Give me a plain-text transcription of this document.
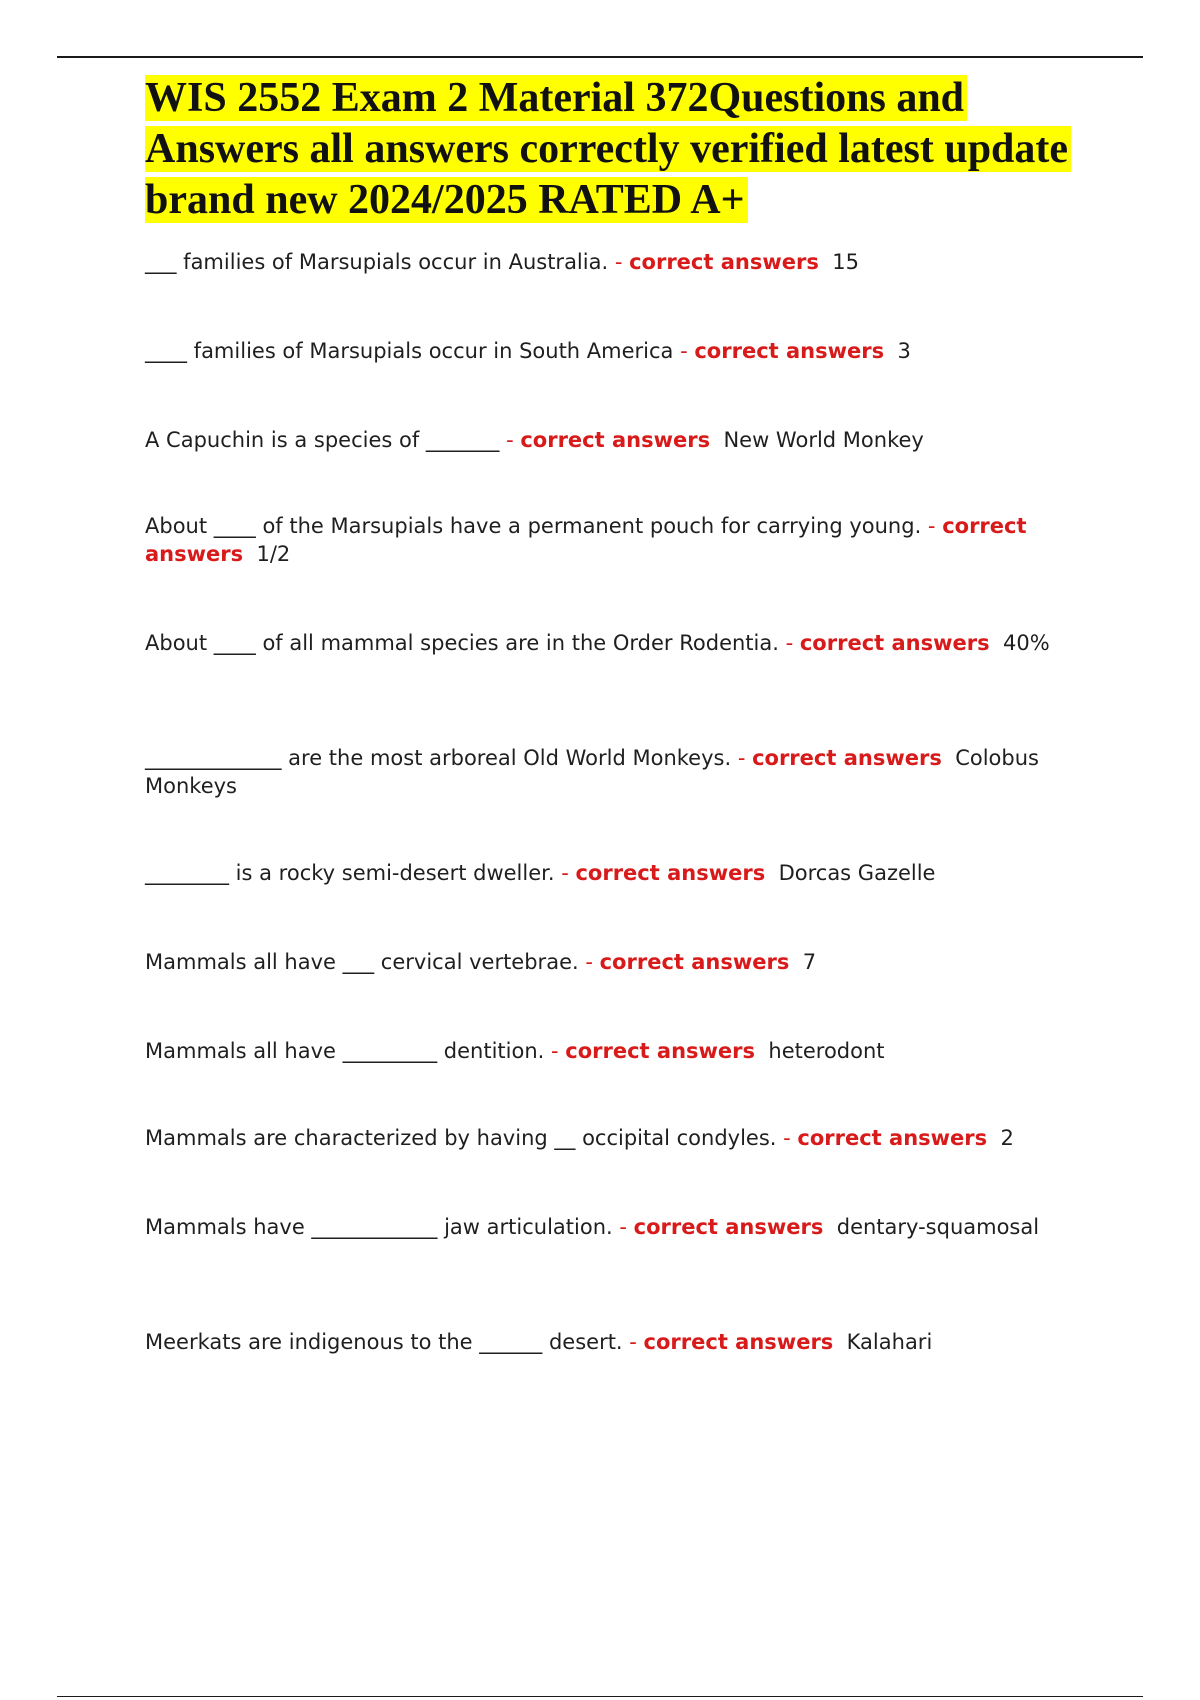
WIS 2552 Exam 2 Material 372Questions and Answers all answers correctly verified latest update brand new 2024/2025 RATED A+

___ families of Marsupials occur in Australia. - correct answers 15

____ families of Marsupials occur in South America - correct answers 3

A Capuchin is a species of _______ - correct answers New World Monkey

About ____ of the Marsupials have a permanent pouch for carrying young. - correct answers 1/2

About ____ of all mammal species are in the Order Rodentia. - correct answers 40%

_____________ are the most arboreal Old World Monkeys. - correct answers Colobus Monkeys

________ is a rocky semi-desert dweller. - correct answers Dorcas Gazelle

Mammals all have ___ cervical vertebrae. - correct answers 7

Mammals all have _________ dentition. - correct answers heterodont

Mammals are characterized by having __ occipital condyles. - correct answers 2

Mammals have ____________ jaw articulation. - correct answers dentary-squamosal

Meerkats are indigenous to the ______ desert. - correct answers Kalahari
